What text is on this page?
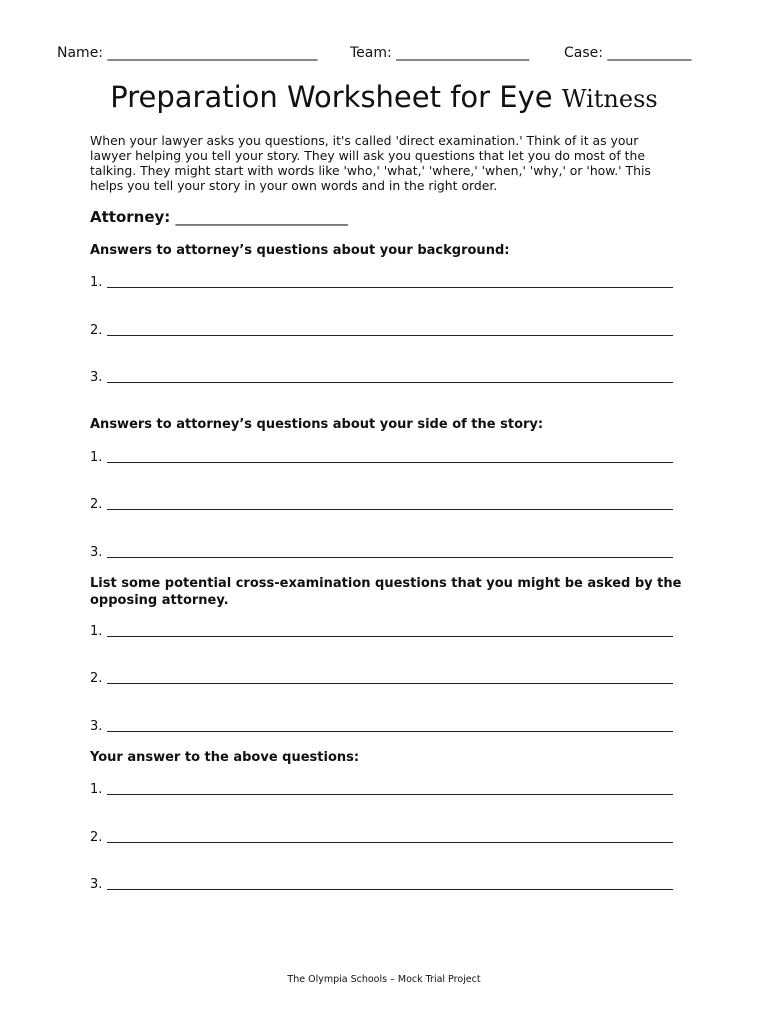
Name: ______________________________ Team: ___________________ Case: ____________
Preparation Worksheet for Eye Witness
When your lawyer asks you questions, it's called 'direct examination.' Think of it as your lawyer helping you tell your story. They will ask you questions that let you do most of the talking. They might start with words like 'who,' 'what,' 'where,' 'when,' 'why,' or 'how.' This helps you tell your story in your own words and in the right order.
Attorney: _______________________
Answers to attorney’s questions about your background:
1.
2.
3.
Answers to attorney’s questions about your side of the story:
1.
2.
3.
List some potential cross-examination questions that you might be asked by the opposing attorney.
1.
2.
3.
Your answer to the above questions:
1.
2.
3.
The Olympia Schools – Mock Trial Project
